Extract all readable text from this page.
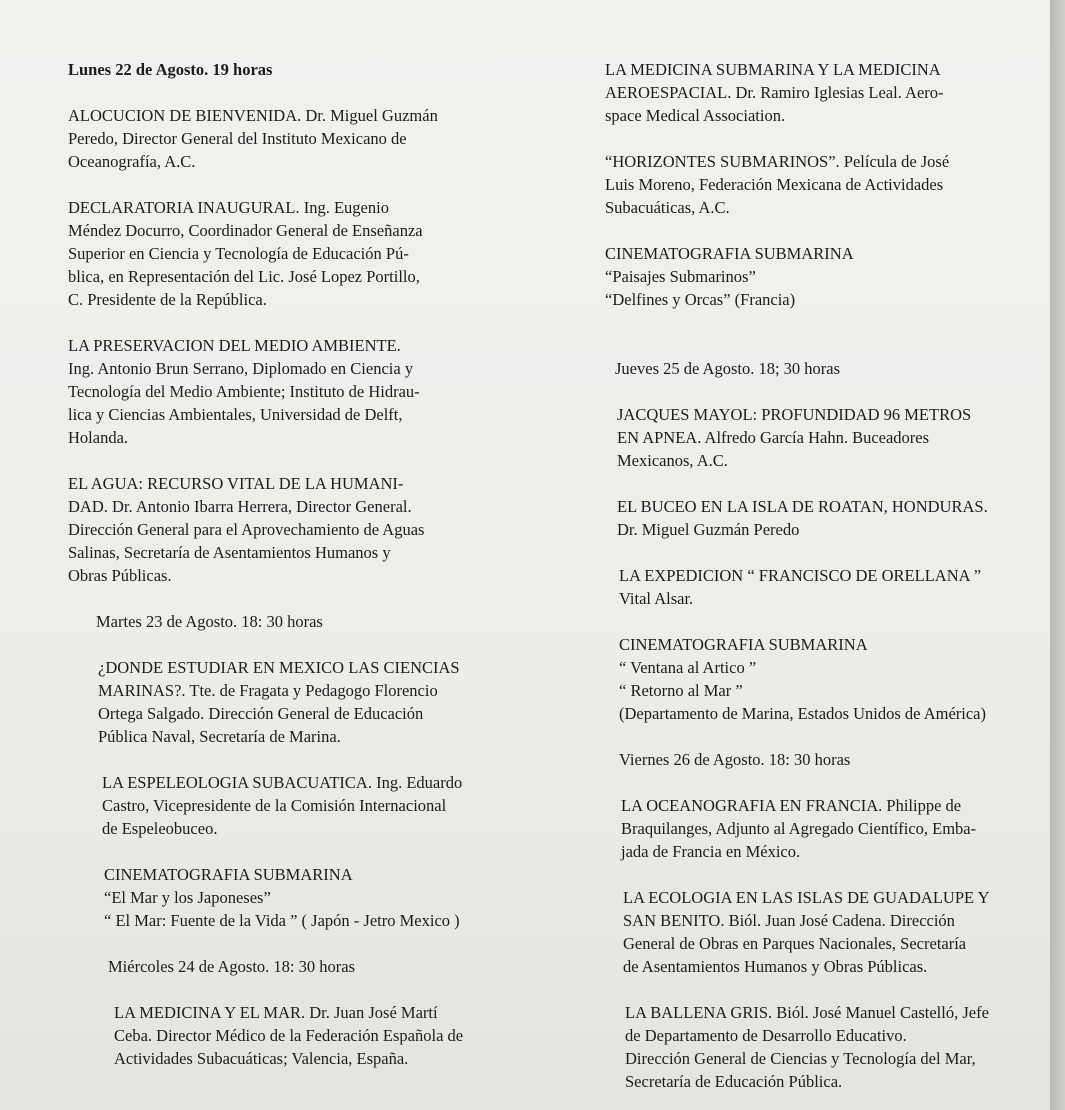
Lunes 22 de Agosto. 19 horas
ALOCUCION DE BIENVENIDA. Dr. Miguel Guzmán
Peredo, Director General del Instituto Mexicano de
Oceanografía, A.C.
DECLARATORIA INAUGURAL. Ing. Eugenio
Méndez Docurro, Coordinador General de Enseñanza
Superior en Ciencia y Tecnología de Educación Pú-
blica, en Representación del Lic. José Lopez Portillo,
C. Presidente de la República.
LA PRESERVACION DEL MEDIO AMBIENTE.
Ing. Antonio Brun Serrano, Diplomado en Ciencia y
Tecnología del Medio Ambiente; Instituto de Hidrau-
lica y Ciencias Ambientales, Universidad de Delft,
Holanda.
EL AGUA: RECURSO VITAL DE LA HUMANI-
DAD. Dr. Antonio Ibarra Herrera, Director General.
Dirección General para el Aprovechamiento de Aguas
Salinas, Secretaría de Asentamientos Humanos y
Obras Públicas.
Martes 23 de Agosto. 18: 30 horas
¿DONDE ESTUDIAR EN MEXICO LAS CIENCIAS
MARINAS?. Tte. de Fragata y Pedagogo Florencio
Ortega Salgado. Dirección General de Educación
Pública Naval, Secretaría de Marina.
LA ESPELEOLOGIA SUBACUATICA. Ing. Eduardo
Castro, Vicepresidente de la Comisión Internacional
de Espeleobuceo.
CINEMATOGRAFIA SUBMARINA
“El Mar y los Japoneses”
“ El Mar: Fuente de la Vida ” ( Japón - Jetro Mexico )
Miércoles 24 de Agosto. 18: 30 horas
LA MEDICINA Y EL MAR. Dr. Juan José Martí
Ceba. Director Médico de la Federación Española de
Actividades Subacuáticas; Valencia, España.
LA MEDICINA SUBMARINA Y LA MEDICINA
AEROESPACIAL. Dr. Ramiro Iglesias Leal. Aero-
space Medical Association.
“HORIZONTES SUBMARINOS”. Película de José
Luis Moreno, Federación Mexicana de Actividades
Subacuáticas, A.C.
CINEMATOGRAFIA SUBMARINA
“Paisajes Submarinos”
“Delfines y Orcas” (Francia)
Jueves 25 de Agosto. 18; 30 horas
JACQUES MAYOL: PROFUNDIDAD 96 METROS
EN APNEA. Alfredo García Hahn. Buceadores
Mexicanos, A.C.
EL BUCEO EN LA ISLA DE ROATAN, HONDURAS.
Dr. Miguel Guzmán Peredo
LA EXPEDICION “ FRANCISCO DE ORELLANA ”
Vital Alsar.
CINEMATOGRAFIA SUBMARINA
“ Ventana al Artico ”
“ Retorno al Mar ”
(Departamento de Marina, Estados Unidos de América)
Viernes 26 de Agosto. 18: 30 horas
LA OCEANOGRAFIA EN FRANCIA. Philippe de
Braquilanges, Adjunto al Agregado Científico, Emba-
jada de Francia en México.
LA ECOLOGIA EN LAS ISLAS DE GUADALUPE Y
SAN BENITO. Biól. Juan José Cadena. Dirección
General de Obras en Parques Nacionales, Secretaría
de Asentamientos Humanos y Obras Públicas.
LA BALLENA GRIS. Biól. José Manuel Castelló, Jefe
de Departamento de Desarrollo Educativo.
Dirección General de Ciencias y Tecnología del Mar,
Secretaría de Educación Pública.
